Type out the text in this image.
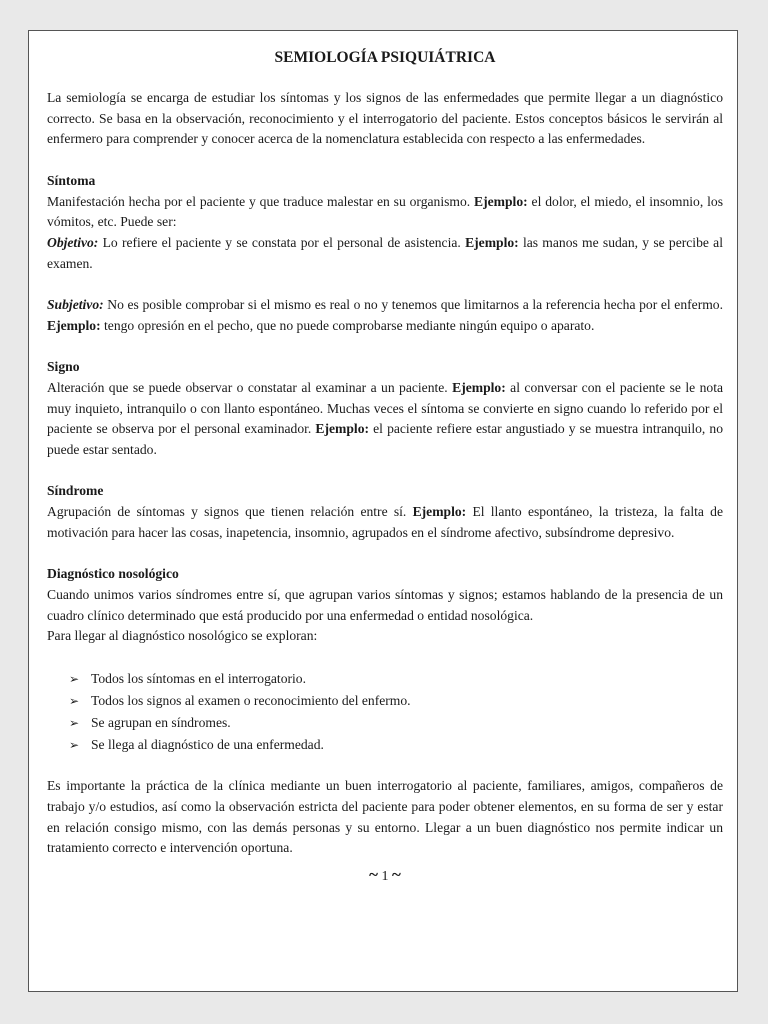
SEMIOLOGÍA PSIQUIÁTRICA

La semiología se encarga de estudiar los síntomas y los signos de las enfermedades que permite llegar a un diagnóstico correcto. Se basa en la observación, reconocimiento y el interrogatorio del paciente. Estos conceptos básicos le servirán al enfermero para comprender y conocer acerca de la nomenclatura establecida con respecto a las enfermedades.

Síntoma

Manifestación hecha por el paciente y que traduce malestar en su organismo. Ejemplo: el dolor, el miedo, el insomnio, los vómitos, etc. Puede ser:

Objetivo: Lo refiere el paciente y se constata por el personal de asistencia. Ejemplo: las manos me sudan, y se percibe al examen.

Subjetivo: No es posible comprobar si el mismo es real o no y tenemos que limitarnos a la referencia hecha por el enfermo. Ejemplo: tengo opresión en el pecho, que no puede comprobarse mediante ningún equipo o aparato.

Signo

Alteración que se puede observar o constatar al examinar a un paciente. Ejemplo: al conversar con el paciente se le nota muy inquieto, intranquilo o con llanto espontáneo. Muchas veces el síntoma se convierte en signo cuando lo referido por el paciente se observa por el personal examinador. Ejemplo: el paciente refiere estar angustiado y se muestra intranquilo, no puede estar sentado.

Síndrome

Agrupación de síntomas y signos que tienen relación entre sí. Ejemplo: El llanto espontáneo, la tristeza, la falta de motivación para hacer las cosas, inapetencia, insomnio, agrupados en el síndrome afectivo, subsíndrome depresivo.

Diagnóstico nosológico

Cuando unimos varios síndromes entre sí, que agrupan varios síntomas y signos; estamos hablando de la presencia de un cuadro clínico determinado que está producido por una enfermedad o entidad nosológica.

Para llegar al diagnóstico nosológico se exploran:

➢ Todos los síntomas en el interrogatorio.
➢ Todos los signos al examen o reconocimiento del enfermo.
➢ Se agrupan en síndromes.
➢ Se llega al diagnóstico de una enfermedad.

Es importante la práctica de la clínica mediante un buen interrogatorio al paciente, familiares, amigos, compañeros de trabajo y/o estudios, así como la observación estricta del paciente para poder obtener elementos, en su forma de ser y estar en relación consigo mismo, con las demás personas y su entorno. Llegar a un buen diagnóstico nos permite indicar un tratamiento correcto e intervención oportuna.

~ 1 ~
